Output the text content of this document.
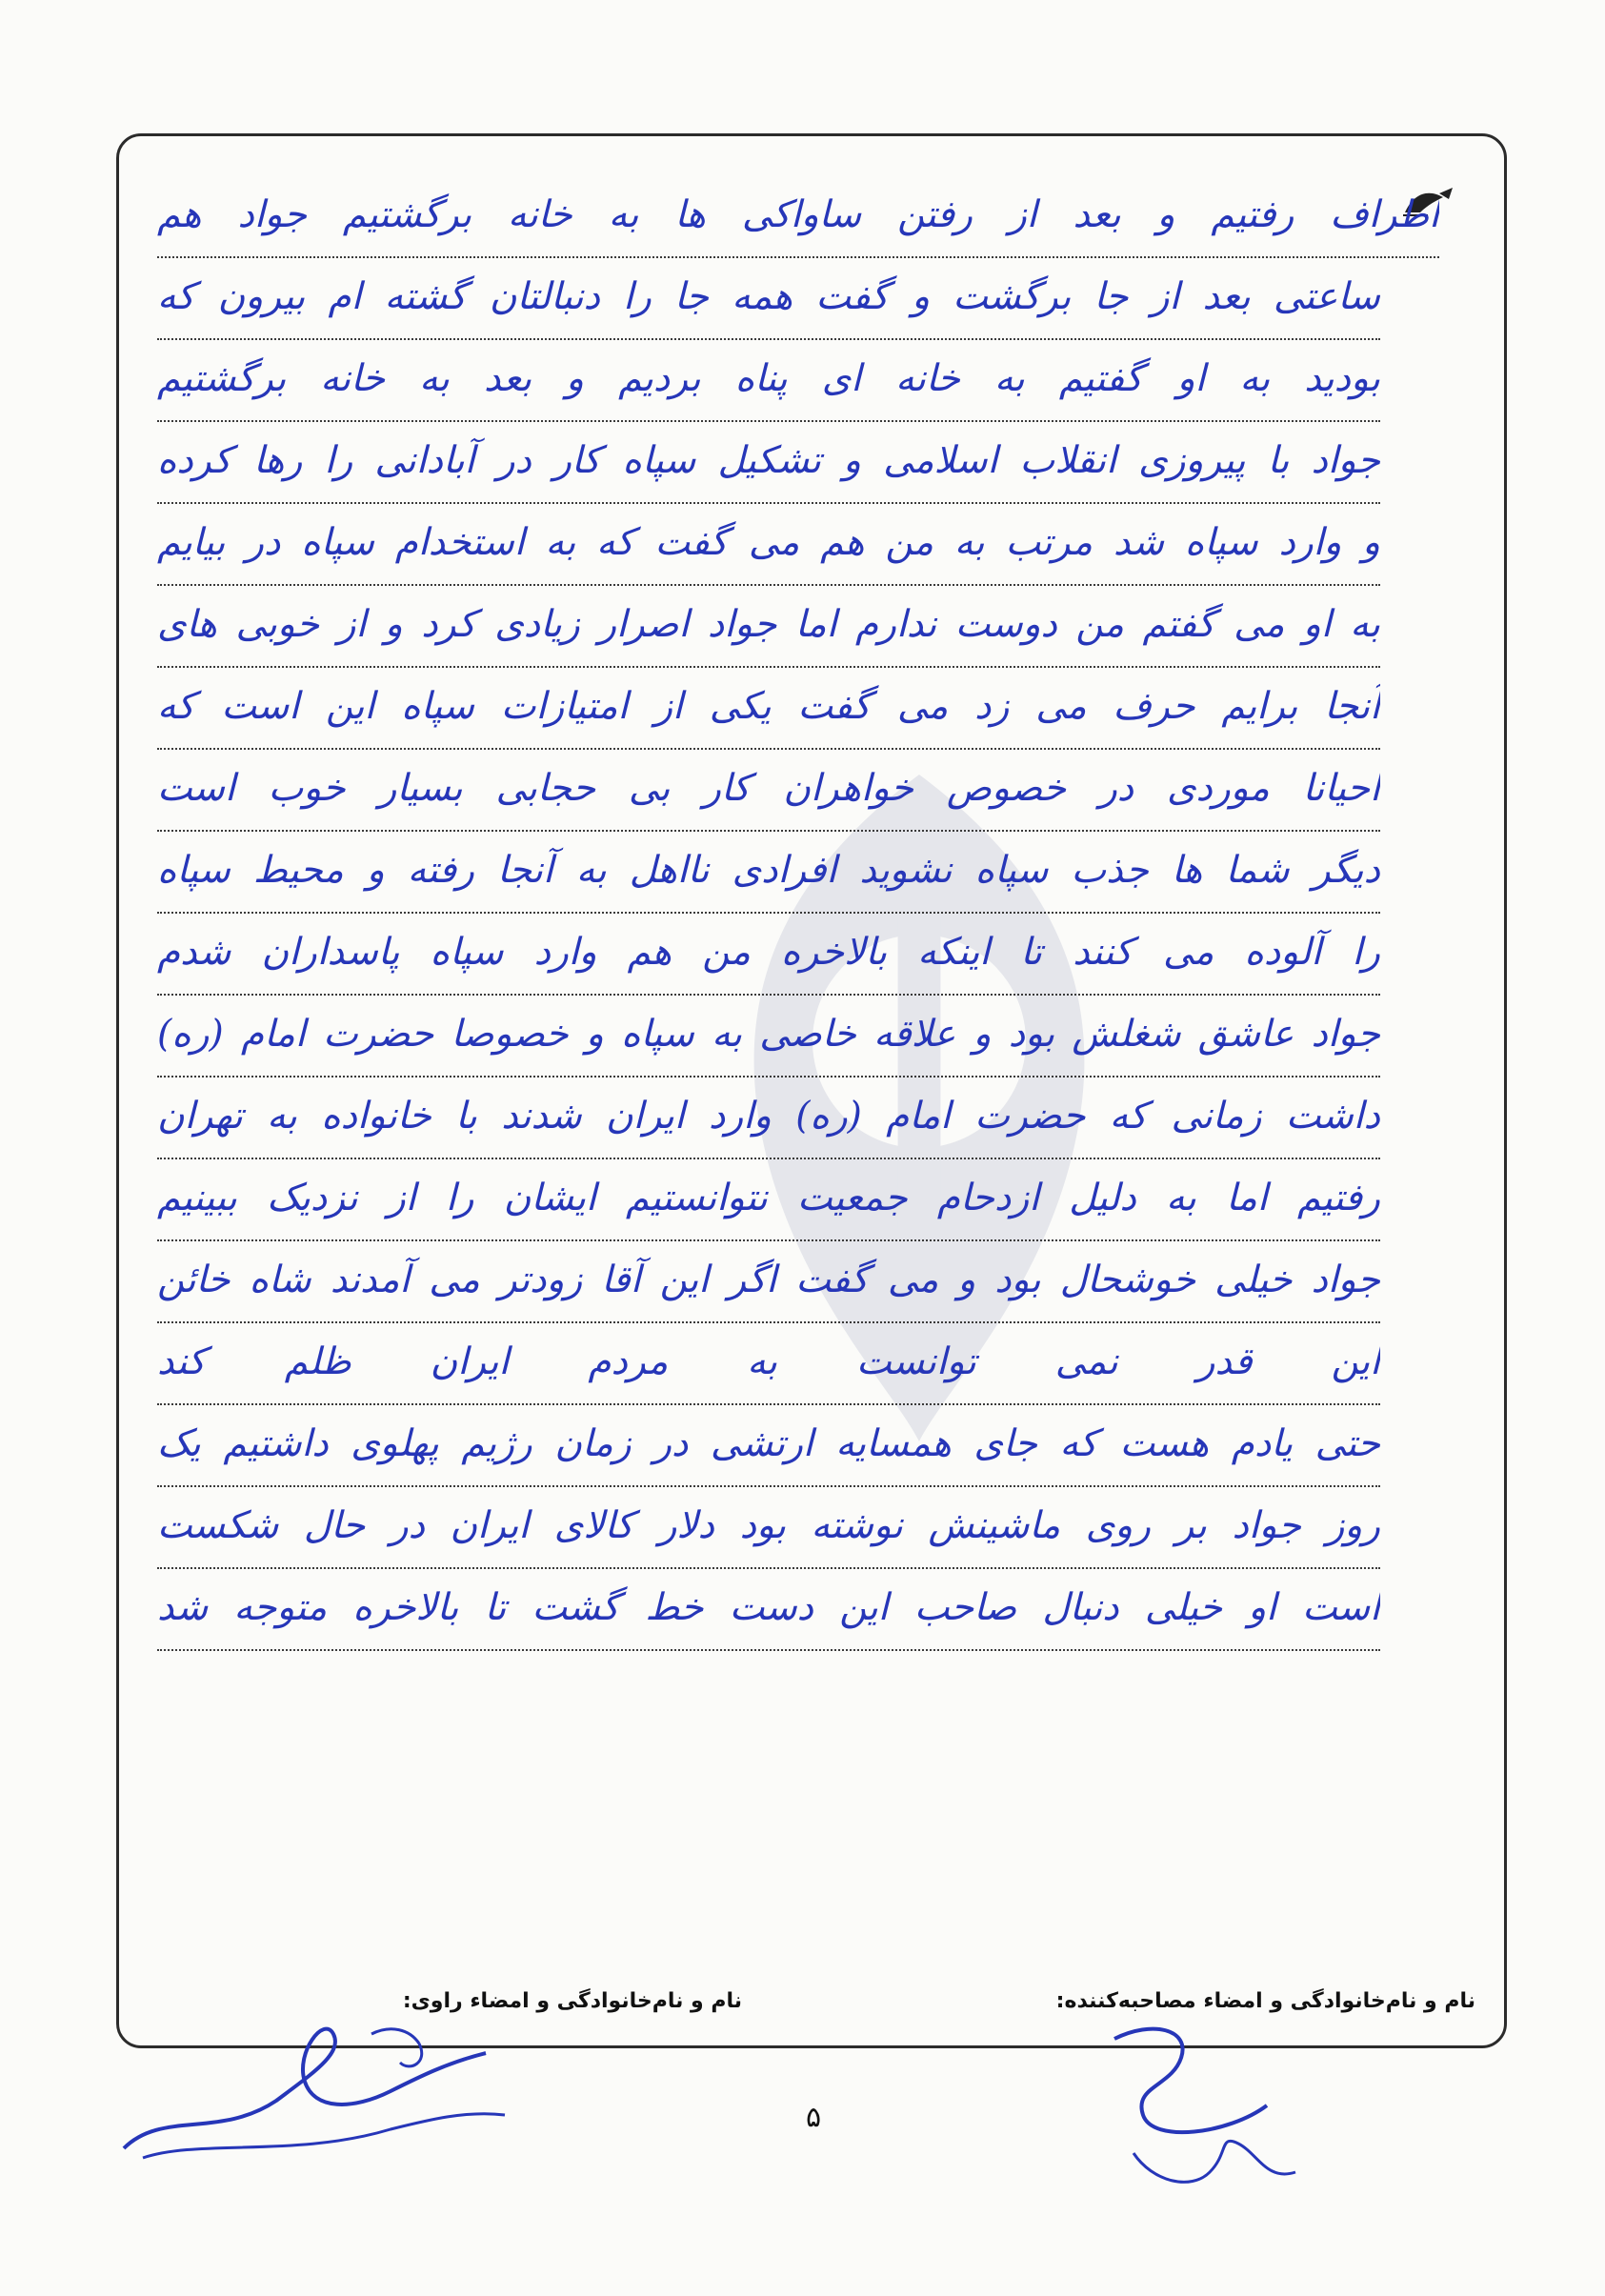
اطراف رفتیم و بعد از رفتن ساواکی ها به خانه برگشتیم جواد هم
ساعتی بعد از جا برگشت و گفت همه جا را دنبالتان گشته ام بیرون که
بودید به او گفتیم به خانه ای پناه بردیم و بعد به خانه برگشتیم
جواد با پیروزی انقلاب اسلامی و تشکیل سپاه کار در آبادانی را رها کرده
و وارد سپاه شد مرتب به من هم می گفت که به استخدام سپاه در بیایم
به او می گفتم من دوست ندارم اما جواد اصرار زیادی کرد و از خوبی های
آنجا برایم حرف می زد می گفت یکی از امتیازات سپاه این است که
احیانا موردی در خصوص خواهران کار بی حجابی بسیار خوب است
دیگر شما ها جذب سپاه نشوید افرادی نااهل به آنجا رفته و محیط سپاه
را آلوده می کنند تا اینکه بالاخره من هم وارد سپاه پاسداران شدم
جواد عاشق شغلش بود و علاقه خاصی به سپاه و خصوصا حضرت امام (ره)
داشت زمانی که حضرت امام (ره) وارد ایران شدند با خانواده به تهران
رفتیم اما به دلیل ازدحام جمعیت نتوانستیم ایشان را از نزدیک ببینیم
جواد خیلی خوشحال بود و می گفت اگر این آقا زودتر می آمدند شاه خائن
این قدر نمی توانست به مردم ایران ظلم کند
حتی یادم هست که جای همسایه ارتشی در زمان رژیم پهلوی داشتیم یک
روز جواد بر روی ماشینش نوشته بود دلار کالای ایران در حال شکست
است او خیلی دنبال صاحب این دست خط گشت تا بالاخره متوجه شد
نام و نام‌خانوادگی و امضاء مصاحبه‌کننده:
نام و نام‌خانوادگی و امضاء راوی:
۵
